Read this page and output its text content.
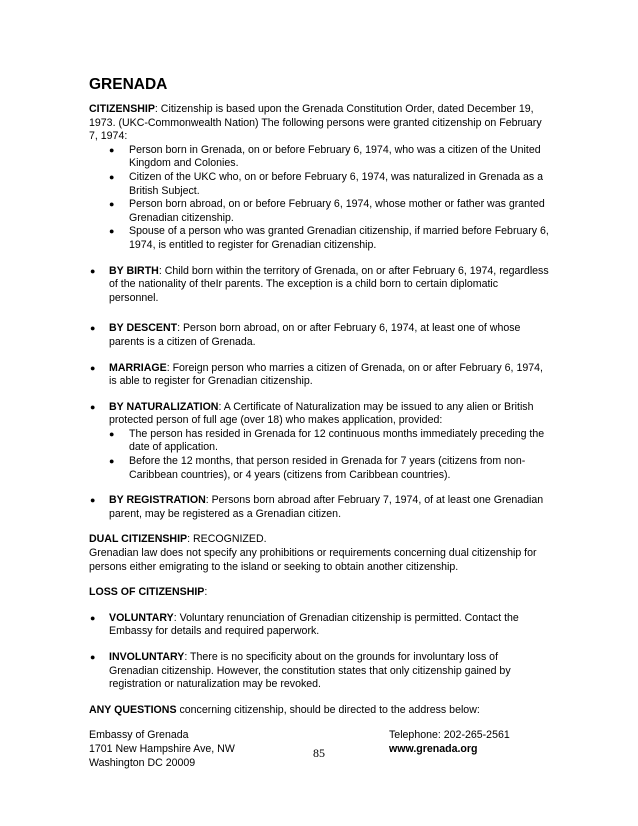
GRENADA

CITIZENSHIP: Citizenship is based upon the Grenada Constitution Order, dated December 19, 1973. (UKC-Commonwealth Nation) The following persons were granted citizenship on February 7, 1974:

● Person born in Grenada, on or before February 6, 1974, who was a citizen of the United Kingdom and Colonies.
● Citizen of the UKC who, on or before February 6, 1974, was naturalized in Grenada as a British Subject.
● Person born abroad, on or before February 6, 1974, whose mother or father was granted Grenadian citizenship.
● Spouse of a person who was granted Grenadian citizenship, if married before February 6, 1974, is entitled to register for Grenadian citizenship.
● BY BIRTH: Child born within the territory of Grenada, on or after February 6, 1974, regardless of the nationality of theIr parents. The exception is a child born to certain diplomatic personnel.
● BY DESCENT: Person born abroad, on or after February 6, 1974, at least one of whose parents is a citizen of Grenada.
● MARRIAGE: Foreign person who marries a citizen of Grenada, on or after February 6, 1974, is able to register for Grenadian citizenship.
● BY NATURALIZATION: A Certificate of Naturalization may be issued to any alien or British protected person of full age (over 18) who makes application, provided:
● The person has resided in Grenada for 12 continuous months immediately preceding the date of application.
● Before the 12 months, that person resided in Grenada for 7 years (citizens from non-Caribbean countries), or 4 years (citizens from Caribbean countries).
● BY REGISTRATION: Persons born abroad after February 7, 1974, of at least one Grenadian parent, may be registered as a Grenadian citizen.

DUAL CITIZENSHIP: RECOGNIZED.

Grenadian law does not specify any prohibitions or requirements concerning dual citizenship for persons either emigrating to the island or seeking to obtain another citizenship.

LOSS OF CITIZENSHIP:

● VOLUNTARY: Voluntary renunciation of Grenadian citizenship is permitted. Contact the Embassy for details and required paperwork.
● INVOLUNTARY: There is no specificity about on the grounds for involuntary loss of Grenadian citizenship. However, the constitution states that only citizenship gained by registration or naturalization may be revoked.

ANY QUESTIONS concerning citizenship, should be directed to the address below:

Embassy of Grenada
1701 New Hampshire Ave, NW
Washington DC 20009
Telephone: 202-265-2561
www.grenada.org
85
